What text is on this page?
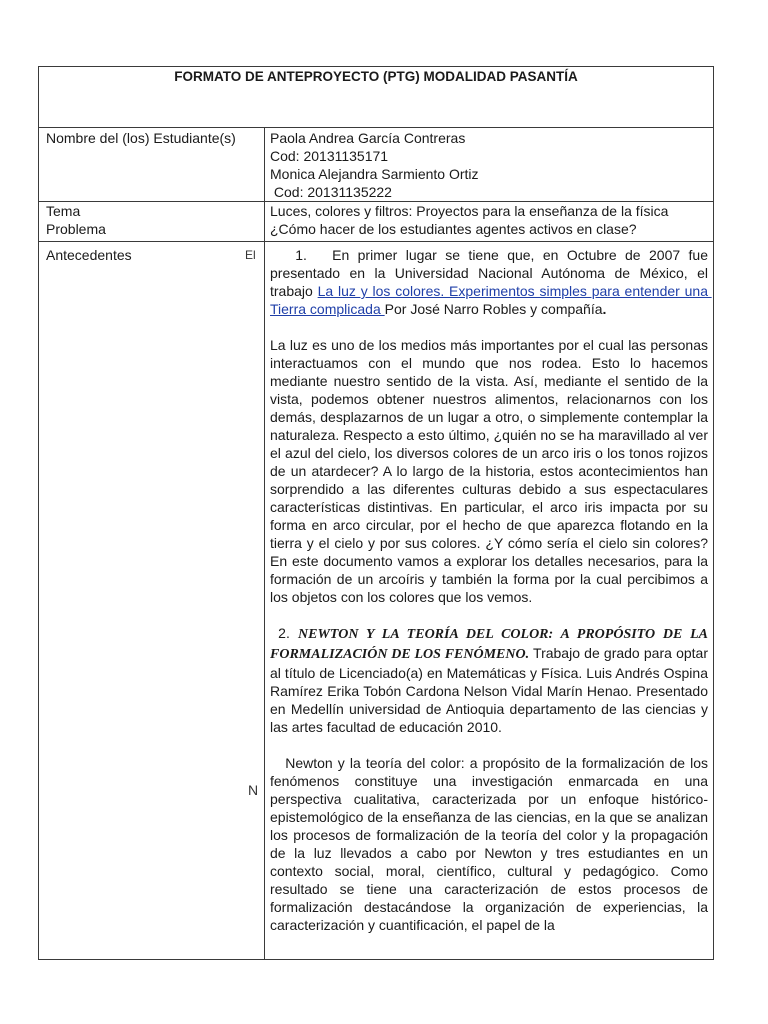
FORMATO DE ANTEPROYECTO (PTG) MODALIDAD PASANTÍA
Nombre del (los) Estudiante(s) Paola Andrea García Contreras
Cod: 20131135171
Monica Alejandra Sarmiento Ortiz
Cod: 20131135222
Tema
Problema
Luces, colores y filtros: Proyectos para la enseñanza de la física
¿Cómo hacer de los estudiantes agentes activos en clase?
Antecedentes	El
N

1.   En primer lugar se tiene que, en Octubre de 2007 fue presentado en la Universidad Nacional Autónoma de México, el trabajo La luz y los colores. Experimentos simples para entender una Tierra complicada Por José Narro Robles y compañía.

La luz es uno de los medios más importantes por el cual las personas interactuamos con el mundo que nos rodea. Esto lo hacemos mediante nuestro sentido de la vista. Así, mediante el sentido de la vista, podemos obtener nuestros alimentos, relacionarnos con los demás, desplazarnos de un lugar a otro, o simplemente contemplar la naturaleza. Respecto a esto último, ¿quién no se ha maravillado al ver el azul del cielo, los diversos colores de un arco iris o los tonos rojizos de un atardecer? A lo largo de la historia, estos acontecimientos han sorprendido a las diferentes culturas debido a sus espectaculares características distintivas. En particular, el arco iris impacta por su forma en arco circular, por el hecho de que aparezca flotando en la tierra y el cielo y por sus colores. ¿Y cómo sería el cielo sin colores? En este documento vamos a explorar los detalles necesarios, para la formación de un arcoíris y también la forma por la cual percibimos a los objetos con los colores que los vemos.

2. NEWTON Y LA TEORÍA DEL COLOR: A PROPÓSITO DE LA FORMALIZACIÓN DE LOS FENÓMENO. Trabajo de grado para optar al título de Licenciado(a) en Matemáticas y Física. Luis Andrés Ospina Ramírez Erika Tobón Cardona Nelson Vidal Marín Henao. Presentado en Medellín universidad de Antioquia departamento de las ciencias y las artes facultad de educación 2010.

Newton y la teoría del color: a propósito de la formalización de los fenómenos constituye una investigación enmarcada en una perspectiva cualitativa, caracterizada por un enfoque histórico-epistemológico de la enseñanza de las ciencias, en la que se analizan los procesos de formalización de la teoría del color y la propagación de la luz llevados a cabo por Newton y tres estudiantes en un contexto social, moral, científico, cultural y pedagógico. Como resultado se tiene una caracterización de estos procesos de formalización destacándose la organización de experiencias, la caracterización y cuantificación, el papel de la
